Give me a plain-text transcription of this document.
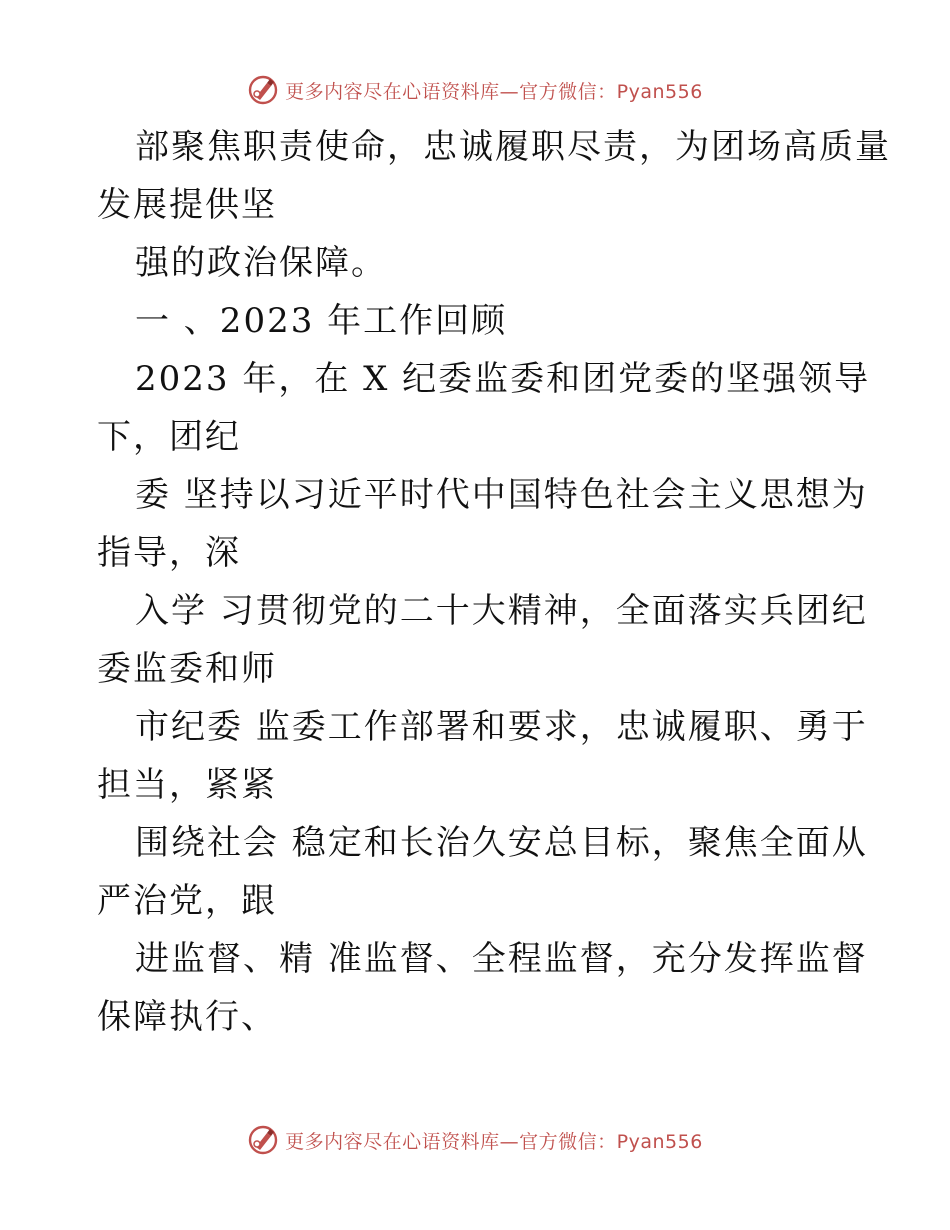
更多内容尽在心语资料库—官方微信：Pyan556
部聚焦职责使命，忠诚履职尽责，为团场高质量
发展提供坚
强的政治保障。
一 、2023 年工作回顾
2023 年，在 X 纪委监委和团党委的坚强领导
下，团纪
委 坚持以习近平时代中国特色社会主义思想为
指导，深
入学 习贯彻党的二十大精神，全面落实兵团纪
委监委和师
市纪委 监委工作部署和要求，忠诚履职、勇于
担当，紧紧
围绕社会 稳定和长治久安总目标，聚焦全面从
严治党，跟
进监督、精 准监督、全程监督，充分发挥监督
保障执行、
更多内容尽在心语资料库—官方微信：Pyan556
